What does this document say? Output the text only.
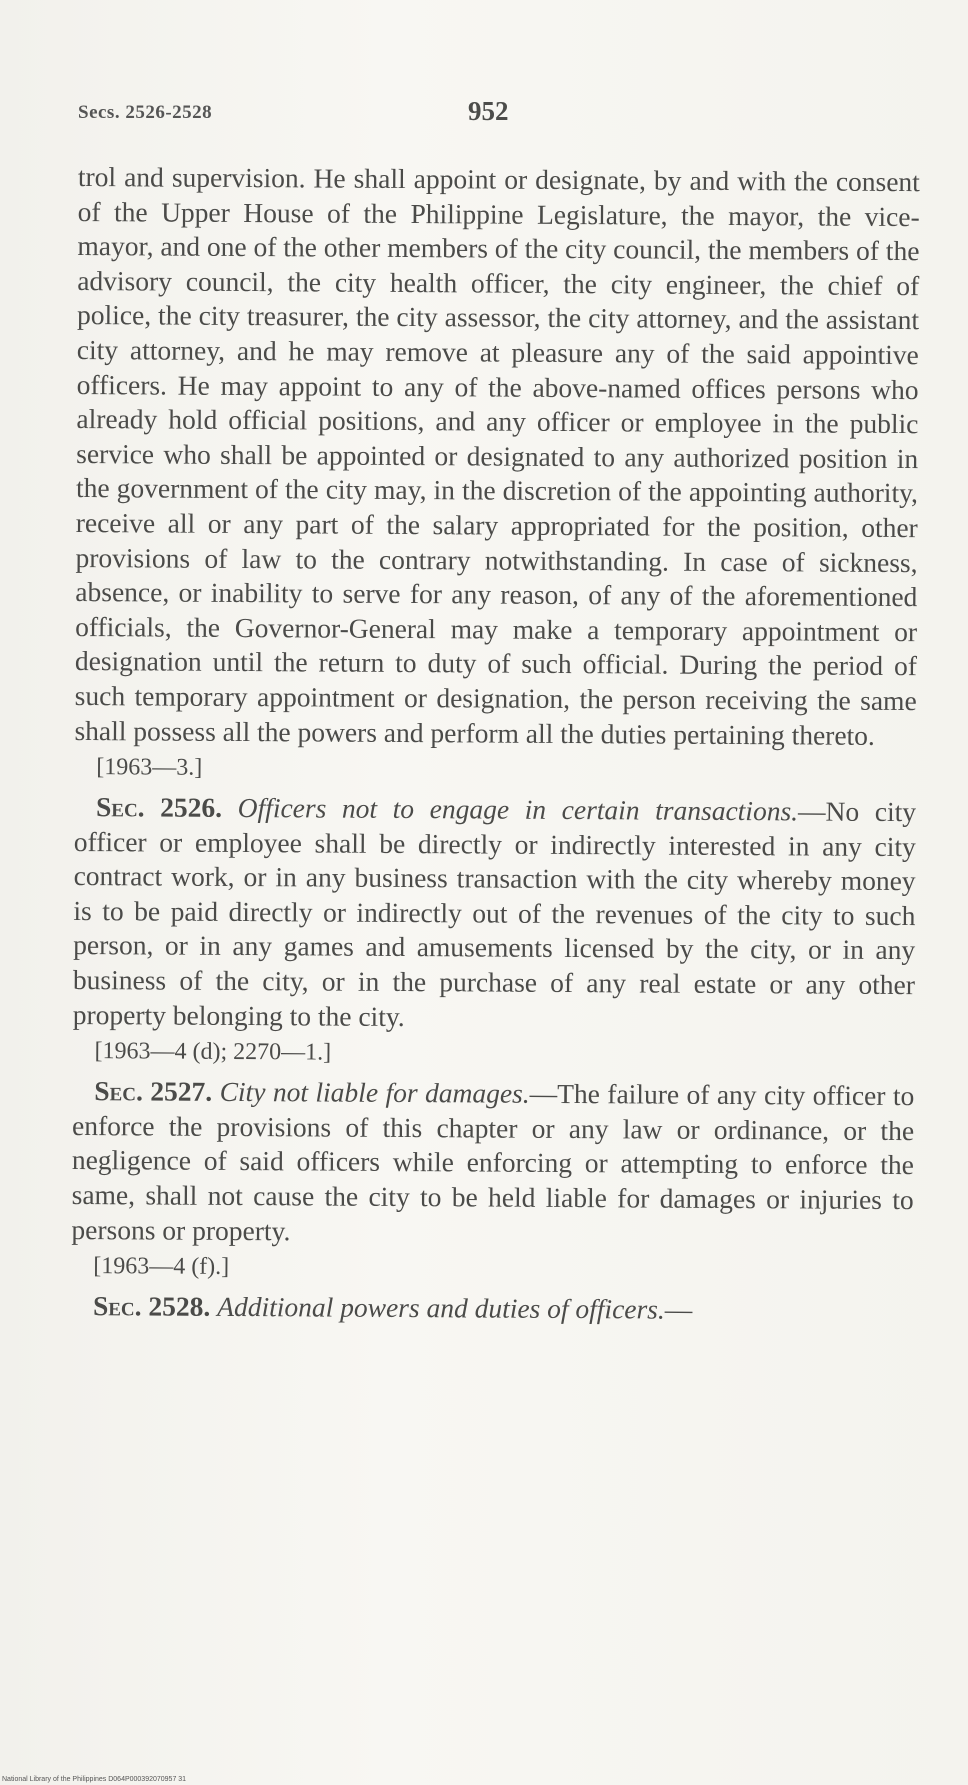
Secs. 2526-2528	952

trol and supervision. He shall appoint or designate, by and with the consent of the Upper House of the Philippine Legislature, the mayor, the vice-mayor, and one of the other members of the city council, the members of the advisory council, the city health officer, the city engineer, the chief of police, the city treasurer, the city assessor, the city attorney, and the assistant city attorney, and he may remove at pleasure any of the said appointive officers. He may appoint to any of the above-named offices persons who already hold official positions, and any officer or employee in the public service who shall be appointed or designated to any authorized position in the government of the city may, in the discretion of the appointing authority, receive all or any part of the salary appropriated for the position, other provisions of law to the contrary notwithstanding. In case of sickness, absence, or inability to serve for any reason, of any of the aforementioned officials, the Governor-General may make a temporary appointment or designation until the return to duty of such official. During the period of such temporary appointment or designation, the person receiving the same shall possess all the powers and perform all the duties pertaining thereto.

[1963—3.]

Sec. 2526. Officers not to engage in certain transactions.—No city officer or employee shall be directly or indirectly interested in any city contract work, or in any business transaction with the city whereby money is to be paid directly or indirectly out of the revenues of the city to such person, or in any games and amusements licensed by the city, or in any business of the city, or in the purchase of any real estate or any other property belonging to the city.

[1963—4 (d); 2270—1.]

Sec. 2527. City not liable for damages.—The failure of any city officer to enforce the provisions of this chapter or any law or ordinance, or the negligence of said officers while enforcing or attempting to enforce the same, shall not cause the city to be held liable for damages or injuries to persons or property.

[1963—4 (f).]

Sec. 2528. Additional powers and duties of officers.—

National Library of the Philippines D064P000392070957 31
